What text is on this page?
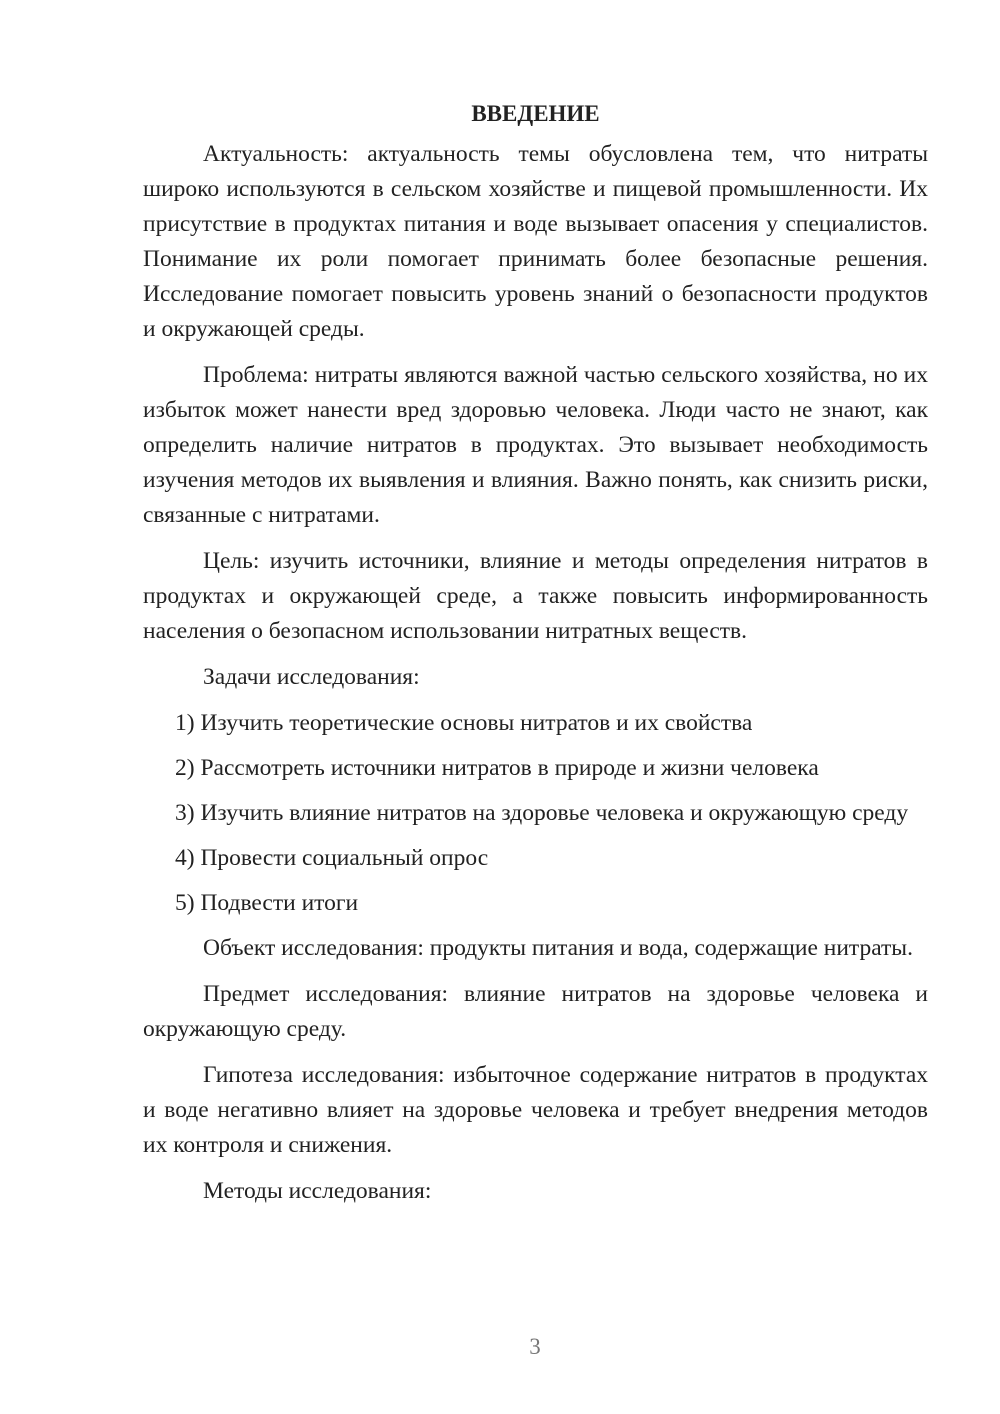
ВВЕДЕНИЕ

Актуальность: актуальность темы обусловлена тем, что нитраты широко используются в сельском хозяйстве и пищевой промышленности. Их присутствие в продуктах питания и воде вызывает опасения у специалистов. Понимание их роли помогает принимать более безопасные решения. Исследование помогает повысить уровень знаний о безопасности продуктов и окружающей среды.

Проблема: нитраты являются важной частью сельского хозяйства, но их избыток может нанести вред здоровью человека. Люди часто не знают, как определить наличие нитратов в продуктах. Это вызывает необходимость изучения методов их выявления и влияния. Важно понять, как снизить риски, связанные с нитратами.

Цель: изучить источники, влияние и методы определения нитратов в продуктах и окружающей среде, а также повысить информированность населения о безопасном использовании нитратных веществ.

Задачи исследования:

1) Изучить теоретические основы нитратов и их свойства

2) Рассмотреть источники нитратов в природе и жизни человека

3) Изучить влияние нитратов на здоровье человека и окружающую среду

4) Провести социальный опрос

5) Подвести итоги

Объект исследования: продукты питания и вода, содержащие нитраты.

Предмет исследования: влияние нитратов на здоровье человека и окружающую среду.

Гипотеза исследования: избыточное содержание нитратов в продуктах и воде негативно влияет на здоровье человека и требует внедрения методов их контроля и снижения.

Методы исследования:

3
